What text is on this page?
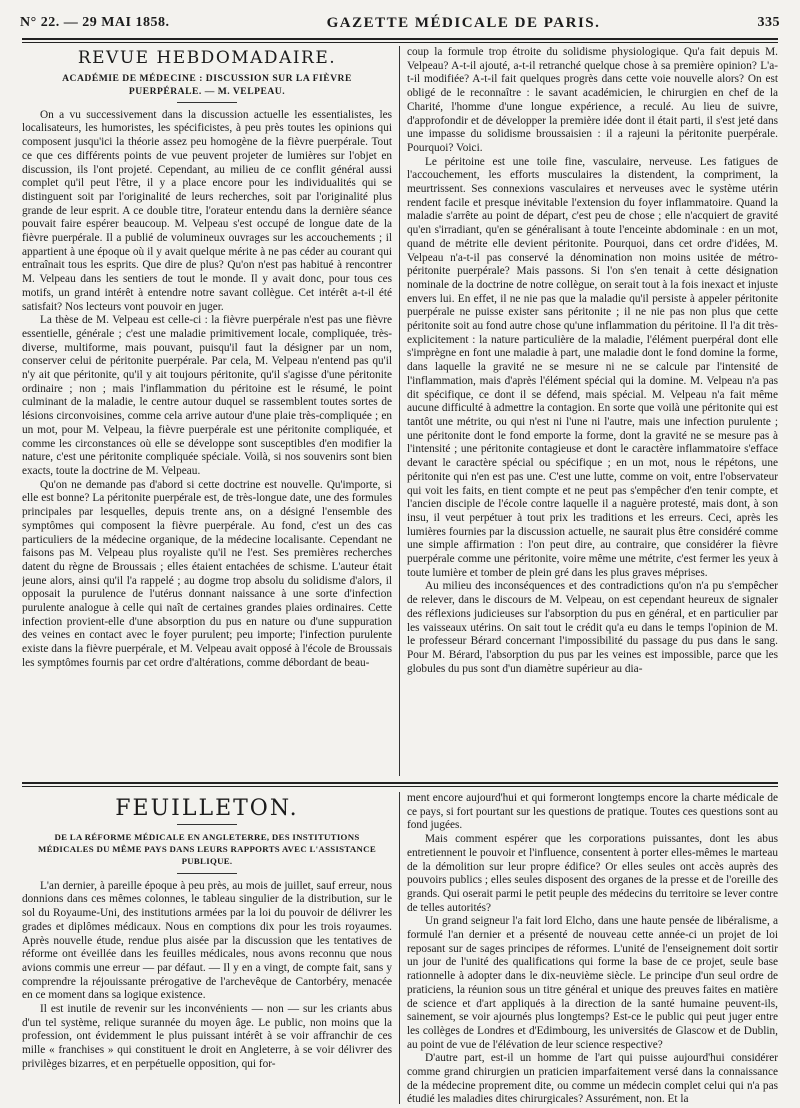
N° 22. — 29 MAI 1858.	GAZETTE MÉDICALE DE PARIS.	335
REVUE HEBDOMADAIRE.
ACADÉMIE DE MÉDECINE : DISCUSSION SUR LA FIÈVRE PUERPÉRALE. — M. VELPEAU.

On a vu successivement dans la discussion actuelle les essentialistes, les localisateurs, les humoristes, les spécificistes, à peu près toutes les opinions qui composent jusqu'ici la théorie assez peu homogène de la fièvre puerpérale. Tout ce que ces différents points de vue peuvent projeter de lumières sur l'objet en discussion, ils l'ont projeté. Cependant, au milieu de ce conflit général aussi complet qu'il peut l'être, il y a place encore pour les individualités qui se distinguent soit par l'originalité de leurs recherches, soit par l'originalité plus grande de leur esprit. A ce double titre, l'orateur entendu dans la dernière séance pouvait faire espérer beaucoup. M. Velpeau s'est occupé de longue date de la fièvre puerpérale. Il a publié de volumineux ouvrages sur les accouchements ; il appartient à une époque où il y avait quelque mérite à ne pas céder au courant qui entraînait tous les esprits. Que dire de plus? Qu'on n'est pas habitué à rencontrer M. Velpeau dans les sentiers de tout le monde. Il y avait donc, pour tous ces motifs, un grand intérêt à entendre notre savant collègue. Cet intérêt a-t-il été satisfait? Nos lecteurs vont pouvoir en juger.

La thèse de M. Velpeau est celle-ci : la fièvre puerpérale n'est pas une fièvre essentielle, générale ; c'est une maladie primitivement locale, compliquée, très-diverse, multiforme, mais pouvant, puisqu'il faut la désigner par un nom, conserver celui de péritonite puerpérale. Par cela, M. Velpeau n'entend pas qu'il n'y ait que péritonite, qu'il y ait toujours péritonite, qu'il s'agisse d'une péritonite ordinaire ; non ; mais l'inflammation du péritoine est le résumé, le point culminant de la maladie, le centre autour duquel se rassemblent toutes sortes de lésions circonvoisines, comme cela arrive autour d'une plaie très-compliquée ; en un mot, pour M. Velpeau, la fièvre puerpérale est une péritonite compliquée, et comme les circonstances où elle se développe sont susceptibles d'en modifier la nature, c'est une péritonite compliquée spéciale. Voilà, si nos souvenirs sont bien exacts, toute la doctrine de M. Velpeau.

Qu'on ne demande pas d'abord si cette doctrine est nouvelle. Qu'importe, si elle est bonne? La péritonite puerpérale est, de très-longue date, une des formules principales par lesquelles, depuis trente ans, on a désigné l'ensemble des symptômes qui composent la fièvre puerpérale. Au fond, c'est un des cas particuliers de la médecine organique, de la médecine localisante. Cependant ne faisons pas M. Velpeau plus royaliste qu'il ne l'est. Ses premières recherches datent du règne de Broussais ; elles étaient entachées de schisme. L'auteur était jeune alors, ainsi qu'il l'a rappelé ; au dogme trop absolu du solidisme d'alors, il opposait la purulence de l'utérus donnant naissance à une sorte d'infection purulente analogue à celle qui naît de certaines grandes plaies ordinaires. Cette infection provient-elle d'une absorption du pus en nature ou d'une suppuration des veines en contact avec le foyer purulent; peu importe; l'infection purulente existe dans la fièvre puerpérale, et M. Velpeau avait opposé à l'école de Broussais les symptômes fournis par cet ordre d'altérations, comme débordant de beau-

coup la formule trop étroite du solidisme physiologique. Qu'a fait depuis M. Velpeau? A-t-il ajouté, a-t-il retranché quelque chose à sa première opinion? L'a-t-il modifiée? A-t-il fait quelques progrès dans cette voie nouvelle alors? On est obligé de le reconnaître : le savant académicien, le chirurgien en chef de la Charité, l'homme d'une longue expérience, a reculé. Au lieu de suivre, d'approfondir et de développer la première idée dont il était parti, il s'est jeté dans une impasse du solidisme broussaisien : il a rajeuni la péritonite puerpérale. Pourquoi? Voici.

Le péritoine est une toile fine, vasculaire, nerveuse. Les fatigues de l'accouchement, les efforts musculaires la distendent, la compriment, la meurtrissent. Ses connexions vasculaires et nerveuses avec le système utérin rendent facile et presque inévitable l'extension du foyer inflammatoire. Quand la maladie s'arrête au point de départ, c'est peu de chose ; elle n'acquiert de gravité qu'en s'irradiant, qu'en se généralisant à toute l'enceinte abdominale : en un mot, quand de métrite elle devient péritonite. Pourquoi, dans cet ordre d'idées, M. Velpeau n'a-t-il pas conservé la dénomination non moins usitée de métro-péritonite puerpérale? Mais passons. Si l'on s'en tenait à cette désignation nominale de la doctrine de notre collègue, on serait tout à la fois inexact et injuste envers lui. En effet, il ne nie pas que la maladie qu'il persiste à appeler péritonite puerpérale ne puisse exister sans péritonite ; il ne nie pas non plus que cette péritonite soit au fond autre chose qu'une inflammation du péritoine. Il l'a dit très-explicitement : la nature particulière de la maladie, l'élément puerpéral dont elle s'imprègne en font une maladie à part, une maladie dont le fond domine la forme, dans laquelle la gravité ne se mesure ni ne se calcule par l'intensité de l'inflammation, mais d'après l'élément spécial qui la domine. M. Velpeau n'a pas dit spécifique, ce dont il se défend, mais spécial. M. Velpeau n'a fait même aucune difficulté à admettre la contagion. En sorte que voilà une péritonite qui est tantôt une métrite, ou qui n'est ni l'une ni l'autre, mais une infection purulente ; une péritonite dont le fond emporte la forme, dont la gravité ne se mesure pas à l'intensité ; une péritonite contagieuse et dont le caractère inflammatoire s'efface devant le caractère spécial ou spécifique ; en un mot, nous le répétons, une péritonite qui n'en est pas une. C'est une lutte, comme on voit, entre l'observateur qui voit les faits, en tient compte et ne peut pas s'empêcher d'en tenir compte, et l'ancien disciple de l'école contre laquelle il a naguère protesté, mais dont, à son insu, il veut perpétuer à tout prix les traditions et les erreurs. Ceci, après les lumières fournies par la discussion actuelle, ne saurait plus être considéré comme une simple affirmation : l'on peut dire, au contraire, que considérer la fièvre puerpérale comme une péritonite, voire même une métrite, c'est fermer les yeux à toute lumière et tomber de plein gré dans les plus graves méprises.

Au milieu des inconséquences et des contradictions qu'on n'a pu s'empêcher de relever, dans le discours de M. Velpeau, on est cependant heureux de signaler des réflexions judicieuses sur l'absorption du pus en général, et en particulier par les vaisseaux utérins. On sait tout le crédit qu'a eu dans le temps l'opinion de M. le professeur Bérard concernant l'impossibilité du passage du pus dans le sang. Pour M. Bérard, l'absorption du pus par les veines est impossible, parce que les globules du pus sont d'un diamètre supérieur au dia-

FEUILLETON.
DE LA RÉFORME MÉDICALE EN ANGLETERRE, DES INSTITUTIONS MÉDICALES DU MÊME PAYS DANS LEURS RAPPORTS AVEC L'ASSISTANCE PUBLIQUE.

L'an dernier, à pareille époque à peu près, au mois de juillet, sauf erreur, nous donnions dans ces mêmes colonnes, le tableau singulier de la distribution, sur le sol du Royaume-Uni, des institutions armées par la loi du pouvoir de délivrer les grades et diplômes médicaux. Nous en comptions dix pour les trois royaumes. Après nouvelle étude, rendue plus aisée par la discussion que les tentatives de réforme ont éveillée dans les feuilles médicales, nous avons reconnu que nous avions commis une erreur — par défaut. — Il y en a vingt, de compte fait, sans y comprendre la réjouissante prérogative de l'archevêque de Cantorbéry, menacée en ce moment dans sa logique existence.

Il est inutile de revenir sur les inconvénients — non — sur les criants abus d'un tel système, relique surannée du moyen âge. Le public, non moins que la profession, ont évidemment le plus puissant intérêt à se voir affranchir de ces mille « franchises » qui constituent le droit en Angleterre, à se voir délivrer des privilèges bizarres, et en perpétuelle opposition, qui for-

ment encore aujourd'hui et qui formeront longtemps encore la charte médicale de ce pays, si fort pourtant sur les questions de pratique. Toutes ces questions sont au fond jugées.

Mais comment espérer que les corporations puissantes, dont les abus entretiennent le pouvoir et l'influence, consentent à porter elles-mêmes le marteau de la démolition sur leur propre édifice? Or elles seules ont accès auprès des pouvoirs publics ; elles seules disposent des organes de la presse et de l'oreille des grands. Qui oserait parmi le petit peuple des médecins du territoire se lever contre de telles autorités?

Un grand seigneur l'a fait lord Elcho, dans une haute pensée de libéralisme, a formulé l'an dernier et a présenté de nouveau cette année-ci un projet de loi reposant sur de sages principes de réformes. L'unité de l'enseignement doit sortir un jour de l'unité des qualifications qui forme la base de ce projet, seule base rationnelle à adopter dans le dix-neuvième siècle. Le principe d'un seul ordre de praticiens, la réunion sous un titre général et unique des preuves faites en matière de science et d'art appliqués à la direction de la santé humaine peuvent-ils, sainement, se voir ajournés plus longtemps? Est-ce le public qui peut juger entre les collèges de Londres et d'Edimbourg, les universités de Glascow et de Dublin, au point de vue de l'élévation de leur science respective?

D'autre part, est-il un homme de l'art qui puisse aujourd'hui considérer comme grand chirurgien un praticien imparfaitement versé dans la connaissance de la médecine proprement dite, ou comme un médecin complet celui qui n'a pas étudié les maladies dites chirurgicales? Assurément, non. Et la
